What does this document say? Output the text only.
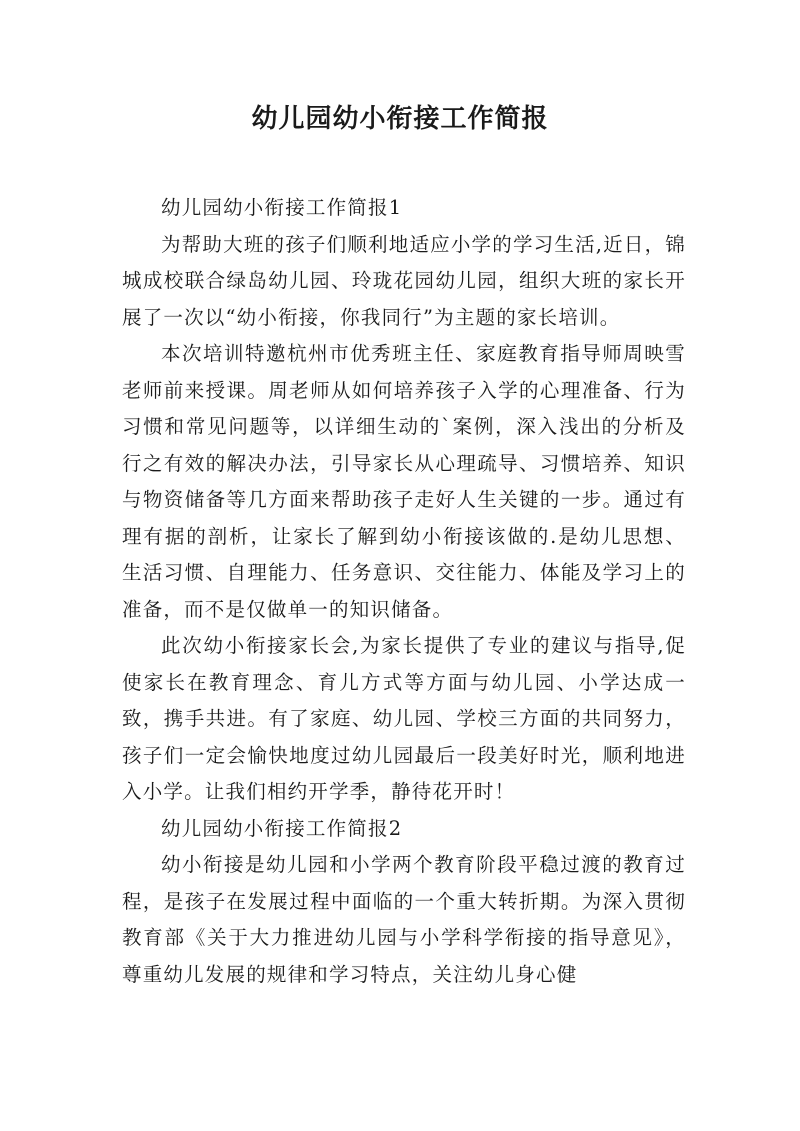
幼儿园幼小衔接工作简报

幼儿园幼小衔接工作简报1

为帮助大班的孩子们顺利地适应小学的学习生活,近日，锦城成校联合绿岛幼儿园、玲珑花园幼儿园，组织大班的家长开展了一次以“幼小衔接，你我同行”为主题的家长培训。

本次培训特邀杭州市优秀班主任、家庭教育指导师周映雪老师前来授课。周老师从如何培养孩子入学的心理准备、行为习惯和常见问题等，以详细生动的`案例，深入浅出的分析及行之有效的解决办法，引导家长从心理疏导、习惯培养、知识与物资储备等几方面来帮助孩子走好人生关键的一步。通过有理有据的剖析，让家长了解到幼小衔接该做的.是幼儿思想、生活习惯、自理能力、任务意识、交往能力、体能及学习上的准备，而不是仅做单一的知识储备。

此次幼小衔接家长会,为家长提供了专业的建议与指导,促使家长在教育理念、育儿方式等方面与幼儿园、小学达成一致，携手共进。有了家庭、幼儿园、学校三方面的共同努力，孩子们一定会愉快地度过幼儿园最后一段美好时光，顺利地进入小学。让我们相约开学季，静待花开时！

幼儿园幼小衔接工作简报2

幼小衔接是幼儿园和小学两个教育阶段平稳过渡的教育过程，是孩子在发展过程中面临的一个重大转折期。为深入贯彻教育部《关于大力推进幼儿园与小学科学衔接的指导意见》，尊重幼儿发展的规律和学习特点，关注幼儿身心健
